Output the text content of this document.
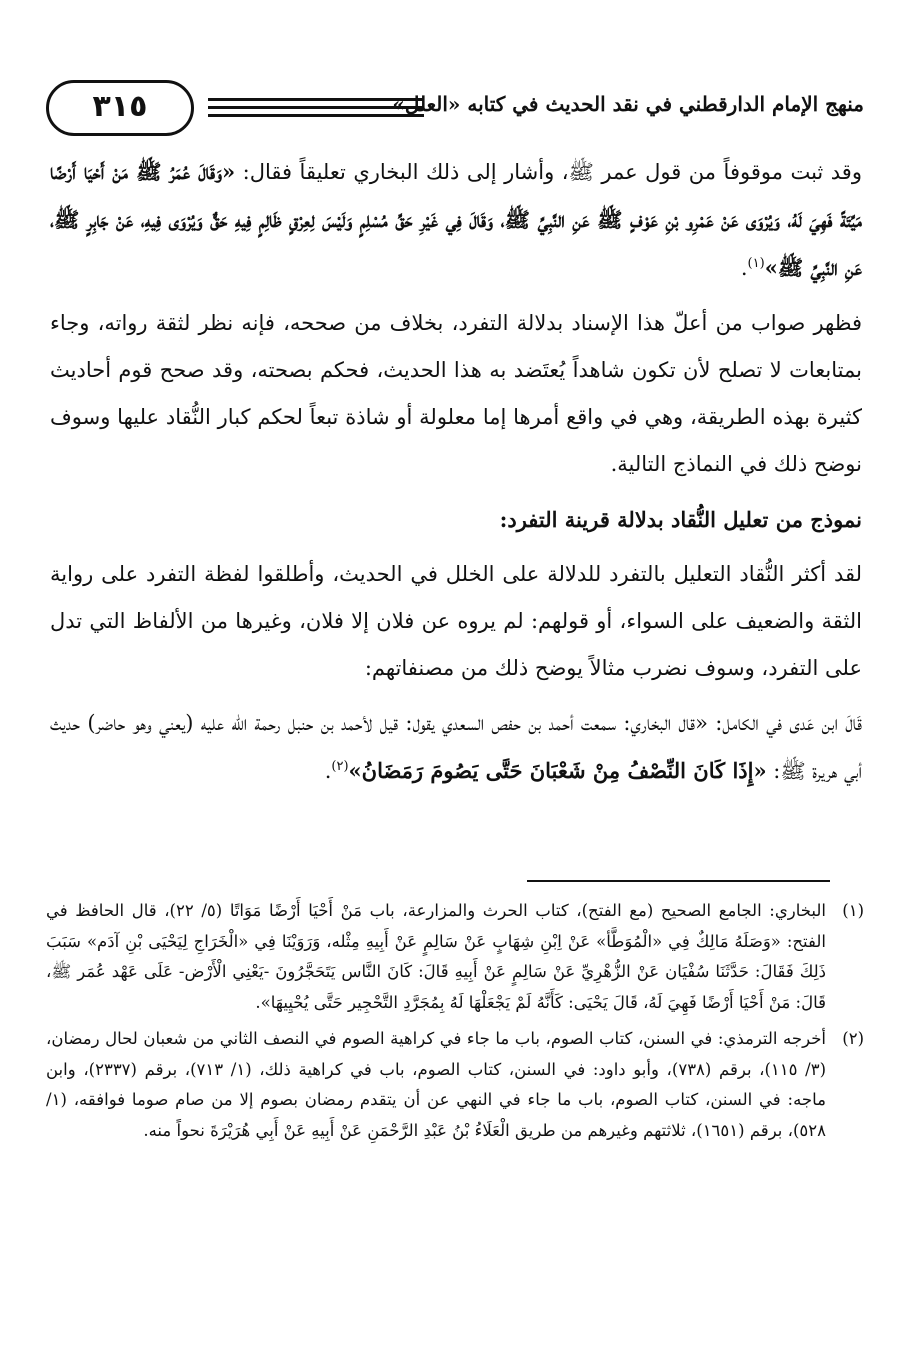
٣١٥	منهج الإمام الدارقطني في نقد الحديث في كتابه «العلل»

وقد ثبت موقوفاً من قول عمر ﷺ، وأشار إلى ذلك البخاري تعليقاً فقال: «وَقَالَ عُمَرُ ﷺ مَنْ أَحْيَا أَرْضًا مَيِّتَةً فَهِيَ لَهُ، وَيُرْوَى عَنْ عَمْرِو بْنِ عَوْفٍ ﷺ عَنِ النَّبِيِّ ﷺ، وَقَالَ فِي غَيْرِ حَقِّ مُسْلِمٍ وَلَيْسَ لِعِرْقٍ ظَالِمٍ فِيهِ حَقٌّ وَيُرْوَى فِيهِ، عَنْ جَابِرٍ ﷺ، عَنِ النَّبِيِّ ﷺ»$^{(١)}$.

فظهر صواب من أعلّ هذا الإسناد بدلالة التفرد، بخلاف من صححه، فإنه نظر لثقة رواته، وجاء بمتابعات لا تصلح لأن تكون شاهداً يُعتَضد به هذا الحديث، فحكم بصحته، وقد صحح قوم أحاديث كثيرة بهذه الطريقة، وهي في واقع أمرها إما معلولة أو شاذة تبعاً لحكم كبار النُّقاد عليها وسوف نوضح ذلك في النماذج التالية.

نموذج من تعليل النُّقاد بدلالة قرينة التفرد:

لقد أكثر النُّقاد التعليل بالتفرد للدلالة على الخلل في الحديث، وأطلقوا لفظة التفرد على رواية الثقة والضعيف على السواء، أو قولهم: لم يروه عن فلان إلا فلان، وغيرها من الألفاظ التي تدل على التفرد، وسوف نضرب مثالاً يوضح ذلك من مصنفاتهم:

قَالَ ابن عَدى في الكامل: «قال البخاري: سمعت أحمد بن حفص السعدي يقول: قيل لأحمد بن حنبل رحمة الله عليه (يعني وهو حاضر) حديث أبي هريرة ﷺ: «إِذَا كَانَ النِّصْفُ مِنْ شَعْبَانَ حَتَّى يَصُومَ رَمَضَانُ»$^{(٢)}$.

(١)
البخاري: الجامع الصحيح (مع الفتح)، كتاب الحرث والمزارعة، باب مَنْ أَحْيَا أَرْضًا مَوَاتًا (٥/ ٢٢)، قال الحافظ في الفتح: «وَصَلَهُ مَالِكٌ فِي «الْمُوَطَّأ» عَنْ اِبْنِ شِهَابٍ عَنْ سَالِمٍ عَنْ أَبِيهِ مِثْله، وَرَوَيْنَا فِي «الْخَرَاجِ لِيَحْيَى بْنِ آدَم» سَبَبَ ذَلِكَ فَقَالَ: حَدَّثَنَا سُفْيَان عَنْ الزُّهْرِيِّ عَنْ سَالِمٍ عَنْ أَبِيهِ قَالَ: كَانَ النَّاس يَتَحَجَّرُونَ -يَعْنِي الْأَرْض- عَلَى عَهْد عُمَر ﷺ، قَالَ: مَنْ أَحْيَا أَرْضًا فَهِيَ لَهُ، قَالَ يَحْيَى: كَأَنَّهُ لَمْ يَجْعَلْهَا لَهُ بِمُجَرَّدِ التَّحْجِير حَتَّى يُحْيِيهَا».

(٢)
أخرجه الترمذي: في السنن، كتاب الصوم، باب ما جاء في كراهية الصوم في النصف الثاني من شعبان لحال رمضان، (٣/ ١١٥)، برقم (٧٣٨)، وأبو داود: في السنن، كتاب الصوم، باب في كراهية ذلك، (١/ ٧١٣)، برقم (٢٣٣٧)، وابن ماجه: في السنن، كتاب الصوم، باب ما جاء في النهي عن أن يتقدم رمضان بصوم إلا من صام صوما فوافقه، (١/ ٥٢٨)، برقم (١٦٥١)، ثلاثتهم وغيرهم من طريق الْعَلَاءُ بْنُ عَبْدِ الرَّحْمَنِ عَنْ أَبِيهِ عَنْ أَبِي هُرَيْرَةَ نحواً منه.
